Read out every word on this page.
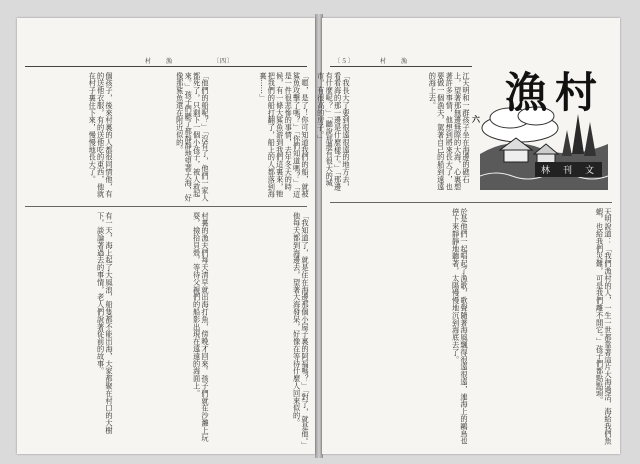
村　　漁	〔四〕
「嗯，是了！你可知道我們的船，就被鯊魚攻擊了嗎？」「你們知道嗎？」「這是一件很悲慘的事情，去年冬天的時候，有一條大鯊魚游到我們這裏來，牠把我們的船打翻了，船上的人都落到海裏……」
「他們的船呢？」「沒有了，他們一家人都死了，只剩下一個小孩子，被人救起來。」孩子們聽了都靜靜地望著大海，好像那鯊魚還在附近似的。
個孩子，後來村裏的人都很同情他，有的送他衣服，有的送他吃的東西，他就在村子裏住下來，慢慢地長大了。
「我知道了，就是住在海邊那個小屋子裏的阿福嗎？」「對了，就是他。」他每天都到海邊去，望著大海發呆，好像在等待什麼人回來似的。
村裏的漁夫們每天清早就出海打魚，傍晚才回來。孩子們就在沙灘上玩耍，撿拾貝殼，等待父親們的船影出現在遠遠的海面上。
有一天，海上起了大風浪，船隻都不能出海，大家都聚在村口的大樹下，談論著過去的事情，老人們說著從前的故事。
〔５〕	村　　漁
漁村
林　刊　文
江天明和一群孩子坐在海邊的礁石上，望著那無邊無際的大海，心裏想著許多事情，他想到將來長大了，也要做一個漁夫，駕著自己的船到遠遠的海上去。
「我長大了要到很遠很遠的地方去，看看海的那一邊是什麼樣子。」「那邊有什麼呢？」「聽說那邊有很大的城市，有很高的房子。」	六
天明說道：「我們漁村的人，一生一世都靠著這片大海過活，海給我們魚蝦，也給我們災難，可是我們離不開它。」孩子們都點點頭。
於是他們一起唱起了漁歌，歌聲隨著海風飄得很遠很遠，連海上的鷗鳥也停下來靜靜地聽著，太陽慢慢地沉到海底去了。
